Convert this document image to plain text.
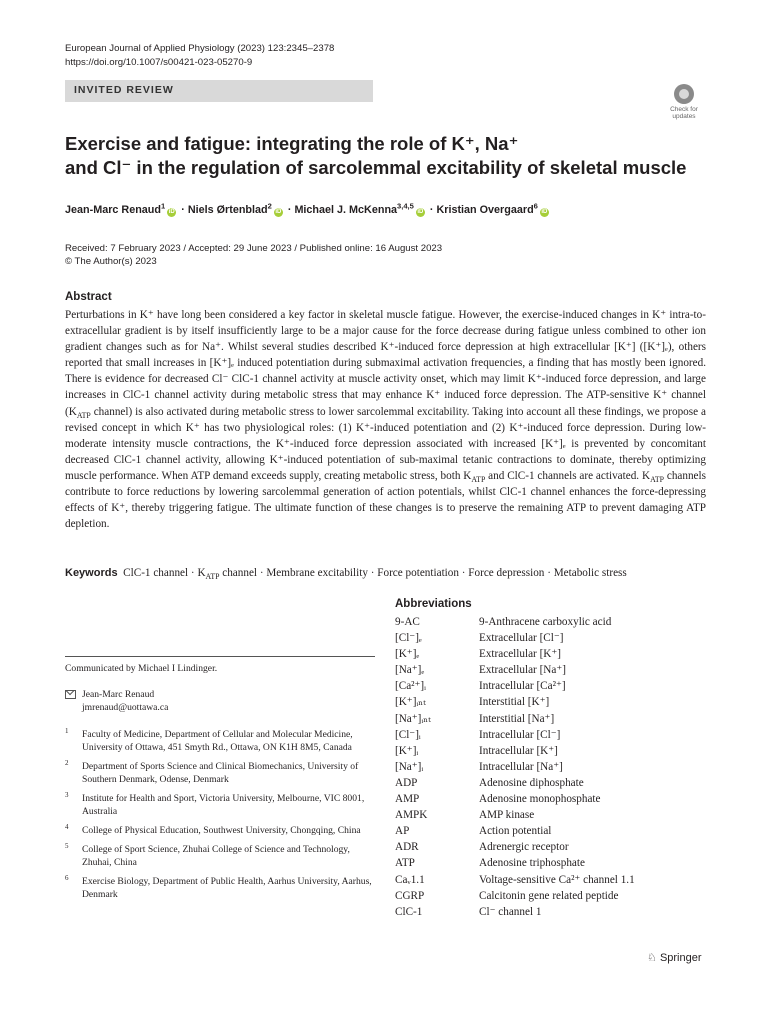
European Journal of Applied Physiology (2023) 123:2345–2378
https://doi.org/10.1007/s00421-023-05270-9
INVITED REVIEW
Check for updates
Exercise and fatigue: integrating the role of K⁺, Na⁺
and Cl⁻ in the regulation of sarcolemmal excitability of skeletal muscle
Jean-Marc Renaud$^1$iD · Niels Ørtenblad$^2$iD · Michael J. McKenna$^{3,4,5}$iD · Kristian Overgaard$^6$iD
Received: 7 February 2023 / Accepted: 29 June 2023 / Published online: 16 August 2023
© The Author(s) 2023
Abstract
Perturbations in K⁺ have long been considered a key factor in skeletal muscle fatigue. However, the exercise-induced changes in K⁺ intra-to-extracellular gradient is by itself insufficiently large to be a major cause for the force decrease during fatigue unless combined to other ion gradient changes such as for Na⁺. Whilst several studies described K⁺-induced force depression at high extracellular [K⁺] ([K⁺]ₑ), others reported that small increases in [K⁺]ₑ induced potentiation during submaximal activation frequencies, a finding that has mostly been ignored. There is evidence for decreased Cl⁻ ClC-1 channel activity at muscle activity onset, which may limit K⁺-induced force depression, and large increases in ClC-1 channel activity during metabolic stress that may enhance K⁺ induced force depression. The ATP-sensitive K⁺ channel ($K_{ATP}$ channel) is also activated during metabolic stress to lower sarcolemmal excitability. Taking into account all these findings, we propose a revised concept in which K⁺ has two physiological roles: (1) K⁺-induced potentiation and (2) K⁺-induced force depression. During low-moderate intensity muscle contractions, the K⁺-induced force depression associated with increased [K⁺]ₑ is prevented by concomitant decreased ClC-1 channel activity, allowing K⁺-induced potentiation of sub-maximal tetanic contractions to dominate, thereby optimizing muscle performance. When ATP demand exceeds supply, creating metabolic stress, both $K_{ATP}$ and ClC-1 channels are activated. $K_{ATP}$ channels contribute to force reductions by lowering sarcolemmal generation of action potentials, whilst ClC-1 channel enhances the force-depressing effects of K⁺, thereby triggering fatigue. The ultimate function of these changes is to preserve the remaining ATP to prevent damaging ATP depletion.
Keywords ClC-1 channel · $K_{ATP}$ channel · Membrane excitability · Force potentiation · Force depression · Metabolic stress
Abbreviations
9-AC	9-Anthracene carboxylic acid
[Cl⁻]ₑ	Extracellular [Cl⁻]
[K⁺]ₑ	Extracellular [K⁺]
[Na⁺]ₑ	Extracellular [Na⁺]
[Ca²⁺]ᵢ	Intracellular [Ca²⁺]
[K⁺]ᵢₙₜ	Interstitial [K⁺]
[Na⁺]ᵢₙₜ	Interstitial [Na⁺]
[Cl⁻]ᵢ	Intracellular [Cl⁻]
[K⁺]ᵢ	Intracellular [K⁺]
[Na⁺]ᵢ	Intracellular [Na⁺]
ADP	Adenosine diphosphate
AMP	Adenosine monophosphate
AMPK	AMP kinase
AP	Action potential
ADR	Adrenergic receptor
ATP	Adenosine triphosphate
Caᵥ1.1	Voltage-sensitive Ca²⁺ channel 1.1
CGRP	Calcitonin gene related peptide
ClC-1	Cl⁻ channel 1
Communicated by Michael I Lindinger.
Jean-Marc Renaud
jmrenaud@uottawa.ca
1 Faculty of Medicine, Department of Cellular and Molecular Medicine, University of Ottawa, 451 Smyth Rd., Ottawa, ON K1H 8M5, Canada
2 Department of Sports Science and Clinical Biomechanics, University of Southern Denmark, Odense, Denmark
3 Institute for Health and Sport, Victoria University, Melbourne, VIC 8001, Australia
4 College of Physical Education, Southwest University, Chongqing, China
5 College of Sport Science, Zhuhai College of Science and Technology, Zhuhai, China
6 Exercise Biology, Department of Public Health, Aarhus University, Aarhus, Denmark
♘ Springer
